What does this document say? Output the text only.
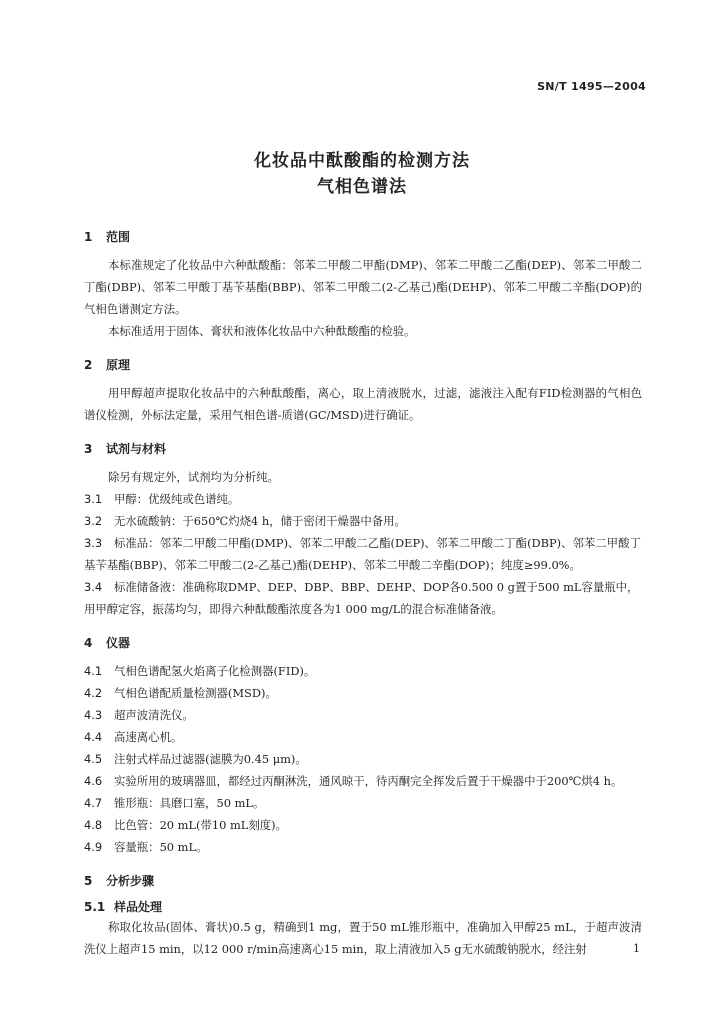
SN/T 1495—2004
化妆品中酞酸酯的检测方法
气相色谱法
1 范围
本标准规定了化妆品中六种酞酸酯：邻苯二甲酸二甲酯(DMP)、邻苯二甲酸二乙酯(DEP)、邻苯二甲酸二丁酯(DBP)、邻苯二甲酸丁基苄基酯(BBP)、邻苯二甲酸二(2-乙基己)酯(DEHP)、邻苯二甲酸二辛酯(DOP)的气相色谱测定方法。
本标准适用于固体、膏状和液体化妆品中六种酞酸酯的检验。
2 原理
用甲醇超声提取化妆品中的六种酞酸酯，离心，取上清液脱水，过滤，滤液注入配有FID检测器的气相色谱仪检测，外标法定量，采用气相色谱-质谱(GC/MSD)进行确证。
3 试剂与材料
除另有规定外，试剂均为分析纯。
3.1 甲醇：优级纯或色谱纯。
3.2 无水硫酸钠：于650℃灼烧4 h，储于密闭干燥器中备用。
3.3 标准品：邻苯二甲酸二甲酯(DMP)、邻苯二甲酸二乙酯(DEP)、邻苯二甲酸二丁酯(DBP)、邻苯二甲酸丁基苄基酯(BBP)、邻苯二甲酸二(2-乙基己)酯(DEHP)、邻苯二甲酸二辛酯(DOP)；纯度≥99.0%。
3.4 标准储备液：准确称取DMP、DEP、DBP、BBP、DEHP、DOP各0.500 0 g置于500 mL容量瓶中，用甲醇定容，振荡均匀，即得六种酞酸酯浓度各为1 000 mg/L的混合标准储备液。
4 仪器
4.1 气相色谱配氢火焰离子化检测器(FID)。
4.2 气相色谱配质量检测器(MSD)。
4.3 超声波清洗仪。
4.4 高速离心机。
4.5 注射式样品过滤器(滤膜为0.45 μm)。
4.6 实验所用的玻璃器皿，都经过丙酮淋洗，通风晾干，待丙酮完全挥发后置于干燥器中于200℃烘4 h。
4.7 锥形瓶：具磨口塞，50 mL。
4.8 比色管：20 mL(带10 mL刻度)。
4.9 容量瓶：50 mL。
5 分析步骤
5.1 样品处理
称取化妆品(固体、膏状)0.5 g，精确到1 mg，置于50 mL锥形瓶中，准确加入甲醇25 mL，于超声波清洗仪上超声15 min，以12 000 r/min高速离心15 min，取上清液加入5 g无水硫酸钠脱水，经注射	1
